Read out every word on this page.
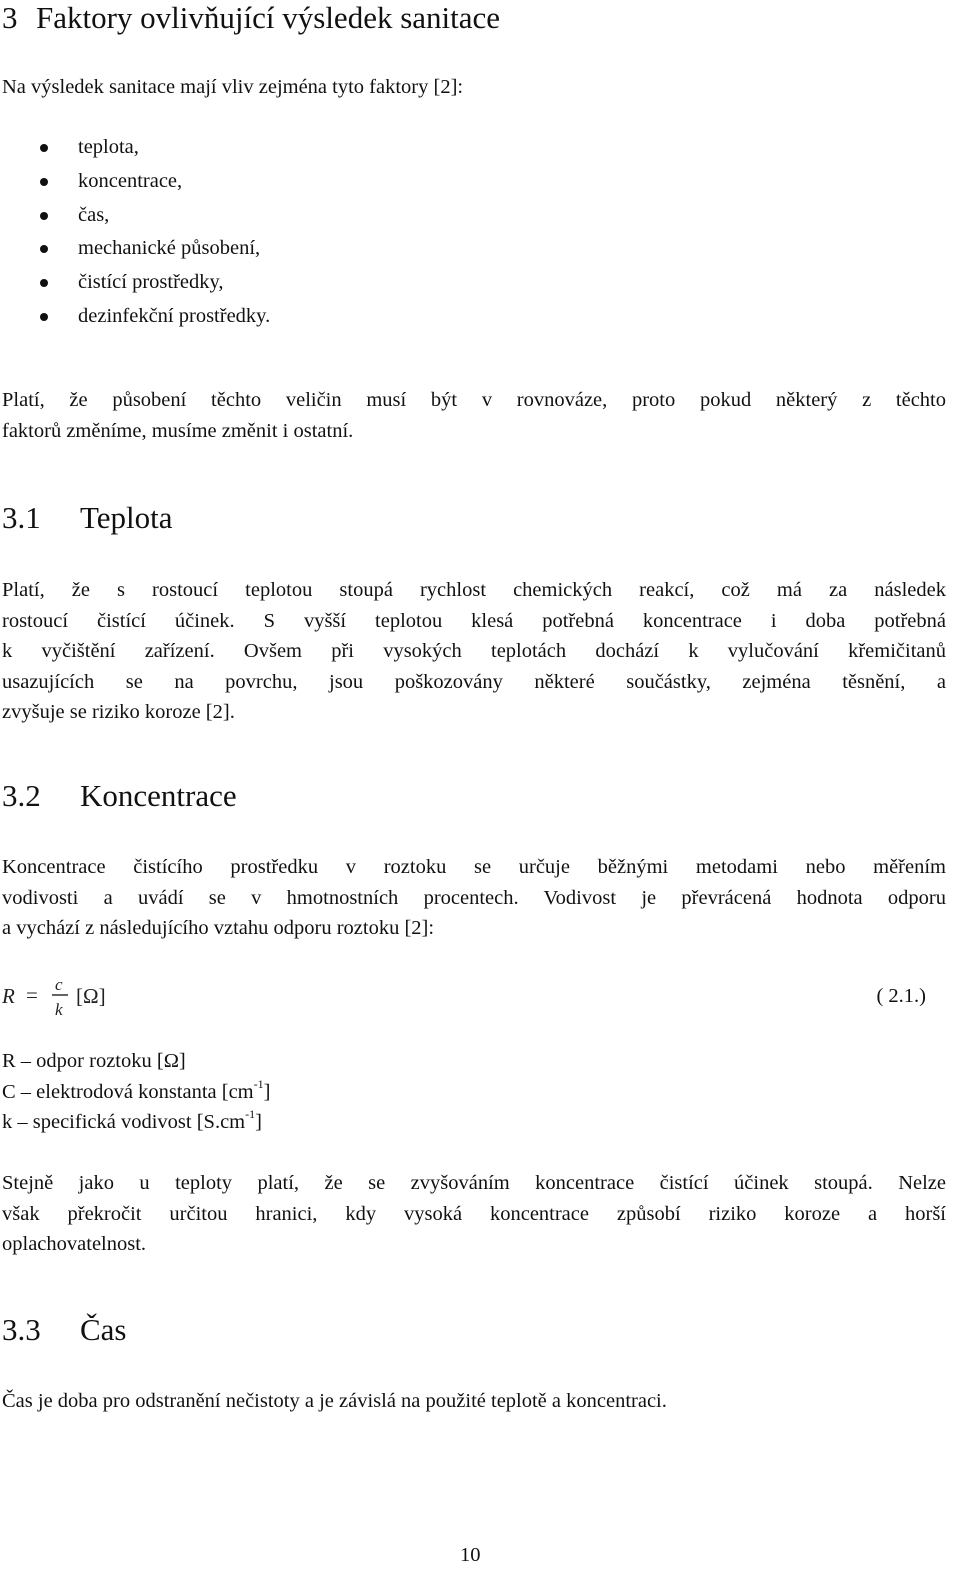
3 Faktory ovlivňující výsledek sanitace
Na výsledek sanitace mají vliv zejména tyto faktory [2]:
teplota,
koncentrace,
čas,
mechanické působení,
čistící prostředky,
dezinfekční prostředky.
Platí, že působení těchto veličin musí být v rovnováze, proto pokud některý z těchto
faktorů změníme, musíme změnit i ostatní.
3.1 Teplota
Platí, že s rostoucí teplotou stoupá rychlost chemických reakcí, což má za následek
rostoucí čistící účinek. S vyšší teplotou klesá potřebná koncentrace i doba potřebná
k vyčištění zařízení. Ovšem při vysokých teplotách dochází k vylučování křemičitanů
usazujících se na povrchu, jsou poškozovány některé součástky, zejména těsnění, a
zvyšuje se riziko koroze [2].
3.2 Koncentrace
Koncentrace čistícího prostředku v roztoku se určuje běžnými metodami nebo měřením
vodivosti a uvádí se v hmotnostních procentech. Vodivost je převrácená hodnota odporu
a vychází z následujícího vztahu odporu roztoku [2]:
R = c
k
[Ω]	( 2.1.)
R – odpor roztoku [Ω]
C – elektrodová konstanta $[cm^{-1}]$
k – specifická vodivost $[S.cm^{-1}]$
Stejně jako u teploty platí, že se zvyšováním koncentrace čistící účinek stoupá. Nelze
však překročit určitou hranici, kdy vysoká koncentrace způsobí riziko koroze a horší
oplachovatelnost.
3.3 Čas
Čas je doba pro odstranění nečistoty a je závislá na použité teplotě a koncentraci.
10
